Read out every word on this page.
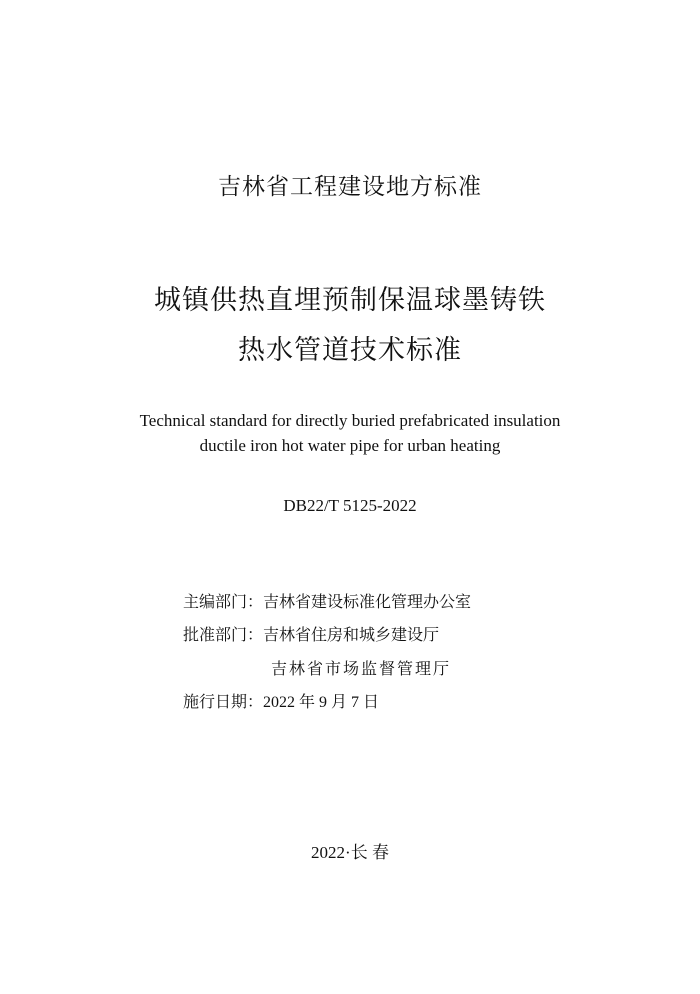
吉林省工程建设地方标准
城镇供热直埋预制保温球墨铸铁
热水管道技术标准
Technical standard for directly buried prefabricated insulation
ductile iron hot water pipe for urban heating
DB22/T 5125-2022
主编部门：吉林省建设标准化管理办公室
批准部门：吉林省住房和城乡建设厅
吉林省市场监督管理厅
施行日期：2022 年 9 月 7 日
2022·长 春
